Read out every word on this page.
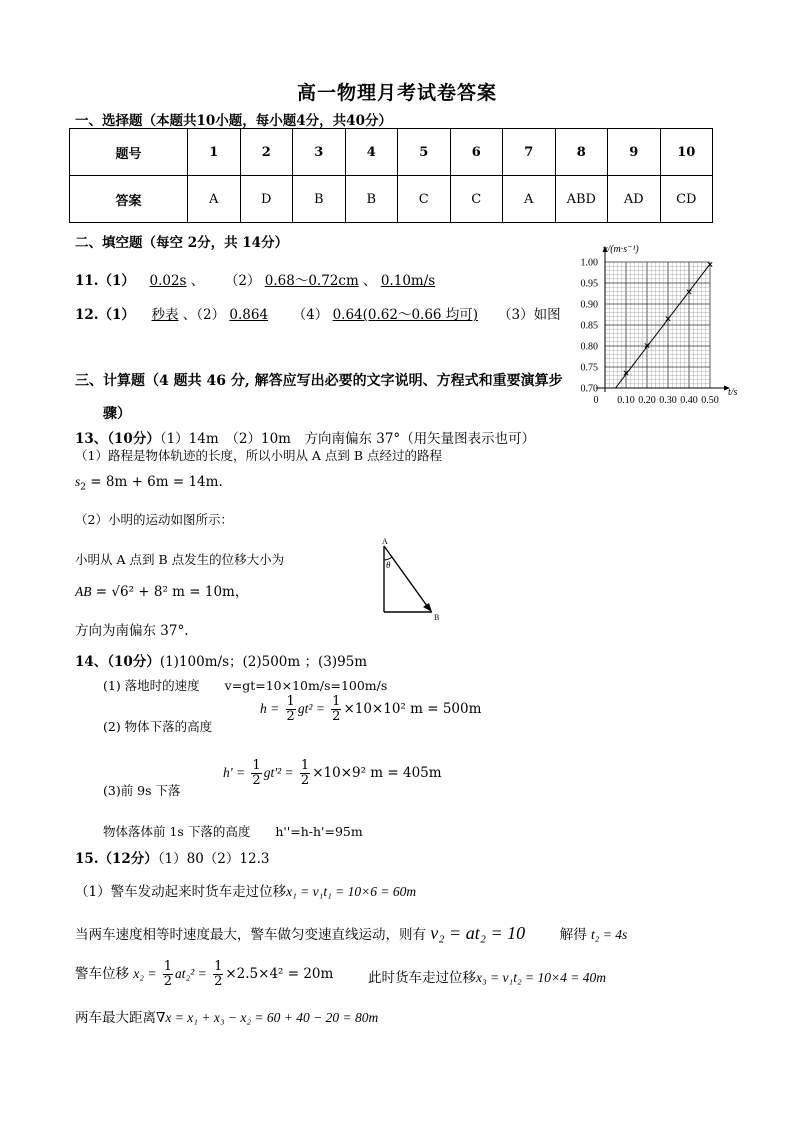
高一物理月考试卷答案
一、选择题（本题共10小题，每小题4分，共40分）
题号	1	2	3	4	5	6	7	8	9	10
答案	A	D	B	B	C	C	A	ABD	AD	CD
二、填空题（每空 2分，共 14分）
11.（1） 0.02s 、 （2） 0.68～0.72cm 、 0.10m/s
12.（1） 秒表 、（2） 0.864 （4） 0.64(0.62～0.66 均可) （3）如图
v/(m·s⁻¹)
t/s
1.00
0.95
0.90
0.85
0.80
0.75
0.70
0 0.10 0.20 0.30 0.40 0.50
三、计算题（4 题共 46 分, 解答应写出必要的文字说明、方程式和重要演算步
骤）
13、（10分）（1）14m　（2）10m　方向南偏东 37°（用矢量图表示也可）
（1）路程是物体轨迹的长度，所以小明从 A 点到 B 点经过的路程
$s_2 = 8m + 6m = 14m$.
（2）小明的运动如图所示：
小明从 A 点到 B 点发生的位移大小为
AB = √6² + 8² m = 10m，
方向为南偏东 37°.
A
B
θ
14、（10分）(1)100m/s；(2)500m ；(3)95m
(1) 落地时的速度　　v=gt=10×10m/s=100m/s
(2) 物体下落的高度
$h = \frac{1}{2} gt^2 = \frac{1}{2} \times 10\times 10^2$ m = 500m
$h' = \frac{1}{2} gt'^2 = \frac{1}{2} \times 10\times 9^2$ m = 405m
(3)前 9s 下落
物体落体前 1s 下落的高度　　h''=h-h'=95m
15.（12分）（1）80（2）12.3
（1）警车发动起来时货车走过位移x₁ = v₁t₁ = 10×6 = 60m
当两车速度相等时速度最大，警车做匀变速直线运动，则有 v₂ = at₂ = 10	解得 t₂ = 4s
警车位移 $x_2 = \frac{1}{2} at_2^2 = \frac{1}{2} \times 2.5\times 4^2 = 20m$	此时货车走过位移x₃ = v₁t₂ = 10×4 = 40m
两车最大距离∇x = x₁ + x₃ − x₂ = 60 + 40 − 20 = 80m
